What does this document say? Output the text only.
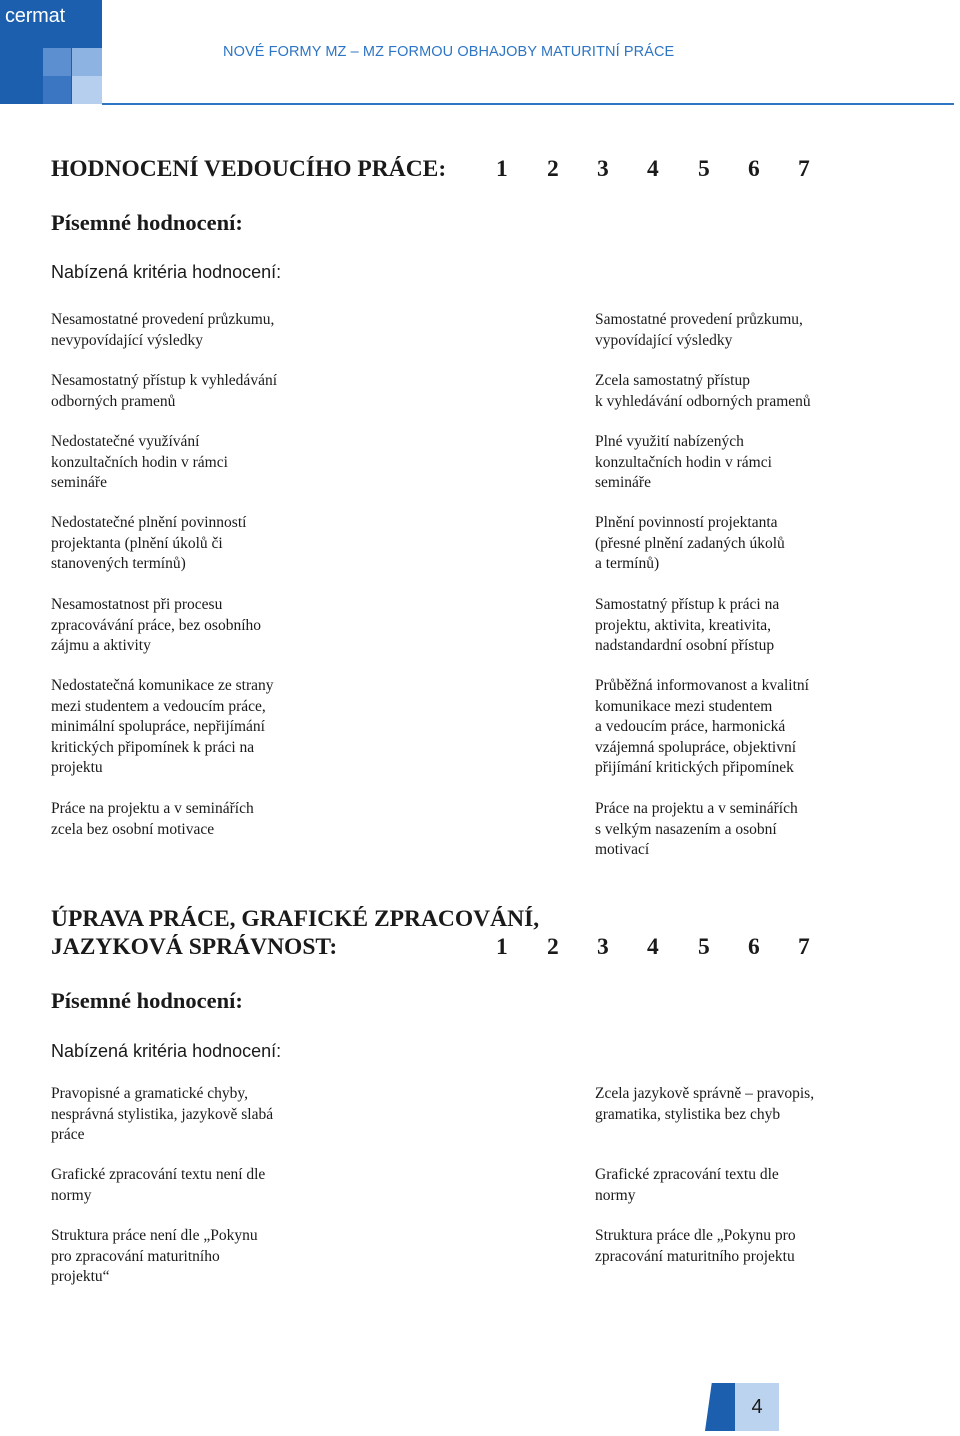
cermat
NOVÉ FORMY MZ – MZ FORMOU OBHAJOBY MATURITNÍ PRÁCE
HODNOCENÍ VEDOUCÍHO PRÁCE: 1 2 3 4 5 6 7
Písemné hodnocení:
Nabízená kritéria hodnocení:
Nesamostatné provedení průzkumu,
nevypovídající výsledky
Samostatné provedení průzkumu,
vypovídající výsledky
Nesamostatný přístup k vyhledávání
odborných pramenů
Zcela samostatný přístup
k vyhledávání odborných pramenů
Nedostatečné využívání
konzultačních hodin v rámci
semináře
Plné využití nabízených
konzultačních hodin v rámci
semináře
Nedostatečné plnění povinností
projektanta (plnění úkolů či
stanovených termínů)
Plnění povinností projektanta
(přesné plnění zadaných úkolů
a termínů)
Nesamostatnost při procesu
zpracovávání práce, bez osobního
zájmu a aktivity
Samostatný přístup k práci na
projektu, aktivita, kreativita,
nadstandardní osobní přístup
Nedostatečná komunikace ze strany
mezi studentem a vedoucím práce,
minimální spolupráce, nepřijímání
kritických připomínek k práci na
projektu
Průběžná informovanost a kvalitní
komunikace mezi studentem
a vedoucím práce, harmonická
vzájemná spolupráce, objektivní
přijímání kritických připomínek
Práce na projektu a v seminářích
zcela bez osobní motivace
Práce na projektu a v seminářích
s velkým nasazením a osobní
motivací
ÚPRAVA PRÁCE, GRAFICKÉ ZPRACOVÁNÍ,
JAZYKOVÁ SPRÁVNOST:	1 2 3 4 5 6 7
Písemné hodnocení:
Nabízená kritéria hodnocení:
Pravopisné a gramatické chyby,
nesprávná stylistika, jazykově slabá
práce
Zcela jazykově správně – pravopis,
gramatika, stylistika bez chyb
Grafické zpracování textu není dle
normy
Grafické zpracování textu dle
normy
Struktura práce není dle „Pokynu
pro zpracování maturitního
projektu“
Struktura práce dle „Pokynu pro
zpracování maturitního projektu
4
